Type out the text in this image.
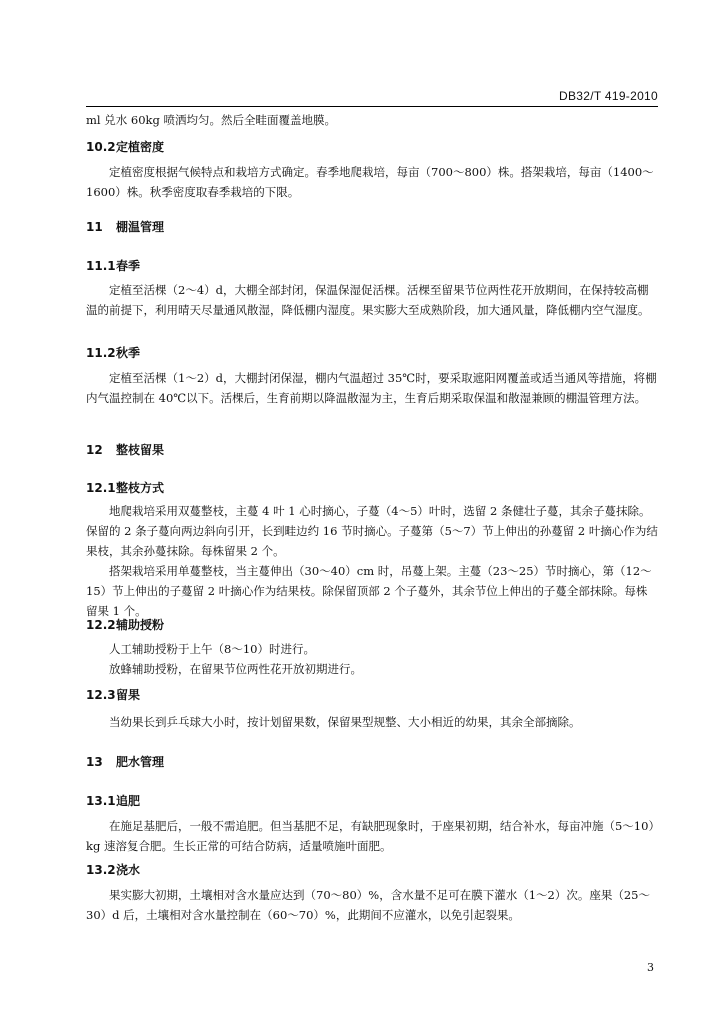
DB32/T 419-2010

ml 兑水 60kg 喷洒均匀。然后全畦面覆盖地膜。

10.2定植密度

定植密度根据气候特点和栽培方式确定。春季地爬栽培，每亩（700～800）株。搭架栽培，每亩（1400～1600）株。秋季密度取春季栽培的下限。

11 棚温管理
11.1春季

定植至活棵（2～4）d，大棚全部封闭，保温保湿促活棵。活棵至留果节位两性花开放期间，在保持较高棚温的前提下，利用晴天尽量通风散湿，降低棚内湿度。果实膨大至成熟阶段，加大通风量，降低棚内空气湿度。

11.2秋季

定植至活棵（1～2）d，大棚封闭保湿，棚内气温超过 35℃时，要采取遮阳网覆盖或适当通风等措施，将棚内气温控制在 40℃以下。活棵后，生育前期以降温散湿为主，生育后期采取保温和散湿兼顾的棚温管理方法。

12 整枝留果
12.1整枝方式

地爬栽培采用双蔓整枝，主蔓 4 叶 1 心时摘心，子蔓（4～5）叶时，选留 2 条健壮子蔓，其余子蔓抹除。保留的 2 条子蔓向两边斜向引开，长到畦边约 16 节时摘心。子蔓第（5～7）节上伸出的孙蔓留 2 叶摘心作为结果枝，其余孙蔓抹除。每株留果 2 个。

搭架栽培采用单蔓整枝，当主蔓伸出（30～40）cm 时，吊蔓上架。主蔓（23～25）节时摘心，第（12～15）节上伸出的子蔓留 2 叶摘心作为结果枝。除保留顶部 2 个子蔓外，其余节位上伸出的子蔓全部抹除。每株留果 1 个。

12.2辅助授粉

人工辅助授粉于上午（8～10）时进行。

放蜂辅助授粉，在留果节位两性花开放初期进行。

12.3留果

当幼果长到乒乓球大小时，按计划留果数，保留果型规整、大小相近的幼果，其余全部摘除。

13 肥水管理
13.1追肥

在施足基肥后，一般不需追肥。但当基肥不足，有缺肥现象时，于座果初期，结合补水，每亩冲施（5～10）kg 速溶复合肥。生长正常的可结合防病，适量喷施叶面肥。

13.2浇水

果实膨大初期，土壤相对含水量应达到（70～80）%，含水量不足可在膜下灌水（1～2）次。座果（25～30）d 后，土壤相对含水量控制在（60～70）%，此期间不应灌水，以免引起裂果。

3
